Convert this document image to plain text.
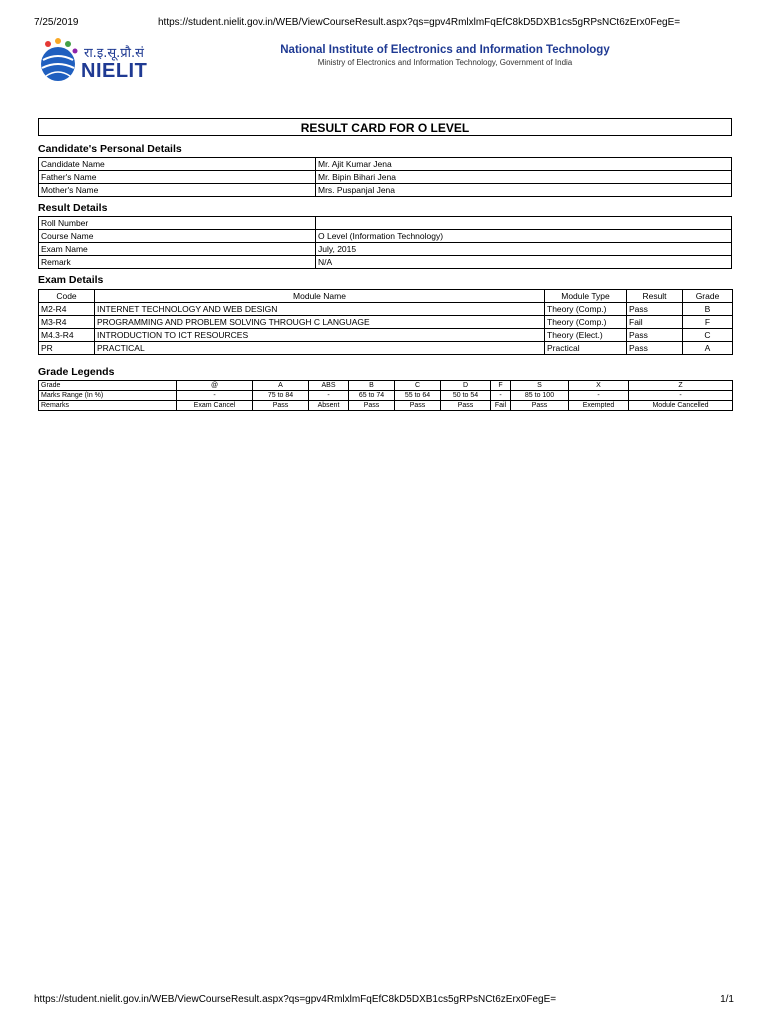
7/25/2019	https://student.nielit.gov.in/WEB/ViewCourseResult.aspx?qs=gpv4RmlxlmFqEfC8kD5DXB1cs5gRPsNCt6zErx0FegE=
रा.इ.सू.प्रौ.सं
NIELIT
National Institute of Electronics and Information Technology
Ministry of Electronics and Information Technology, Government of India
RESULT CARD FOR O LEVEL
Candidate's Personal Details
Candidate Name	Mr. Ajit Kumar Jena
Father's Name	Mr. Bipin Bihari Jena
Mother's Name	Mrs. Puspanjal Jena
Result Details
Roll Number	
Course Name	O Level (Information Technology)
Exam Name	July, 2015
Remark	N/A
Exam Details
Code	Module Name	Module Type	Result	Grade
M2-R4	INTERNET TECHNOLOGY AND WEB DESIGN	Theory (Comp.)	Pass	B
M3-R4	PROGRAMMING AND PROBLEM SOLVING THROUGH C LANGUAGE	Theory (Comp.)	Fail	F
M4.3-R4	INTRODUCTION TO ICT RESOURCES	Theory (Elect.)	Pass	C
PR	PRACTICAL	Practical	Pass	A
Grade Legends
Grade	@	A	ABS	B	C	D	F	S	X	Z
Marks Range (In %)	-	75 to 84	-	65 to 74	55 to 64	50 to 54	-	85 to 100	-	-
Remarks	Exam Cancel	Pass	Absent	Pass	Pass	Pass	Fail	Pass	Exempted	Module Cancelled
https://student.nielit.gov.in/WEB/ViewCourseResult.aspx?qs=gpv4RmlxlmFqEfC8kD5DXB1cs5gRPsNCt6zErx0FegE=	1/1
